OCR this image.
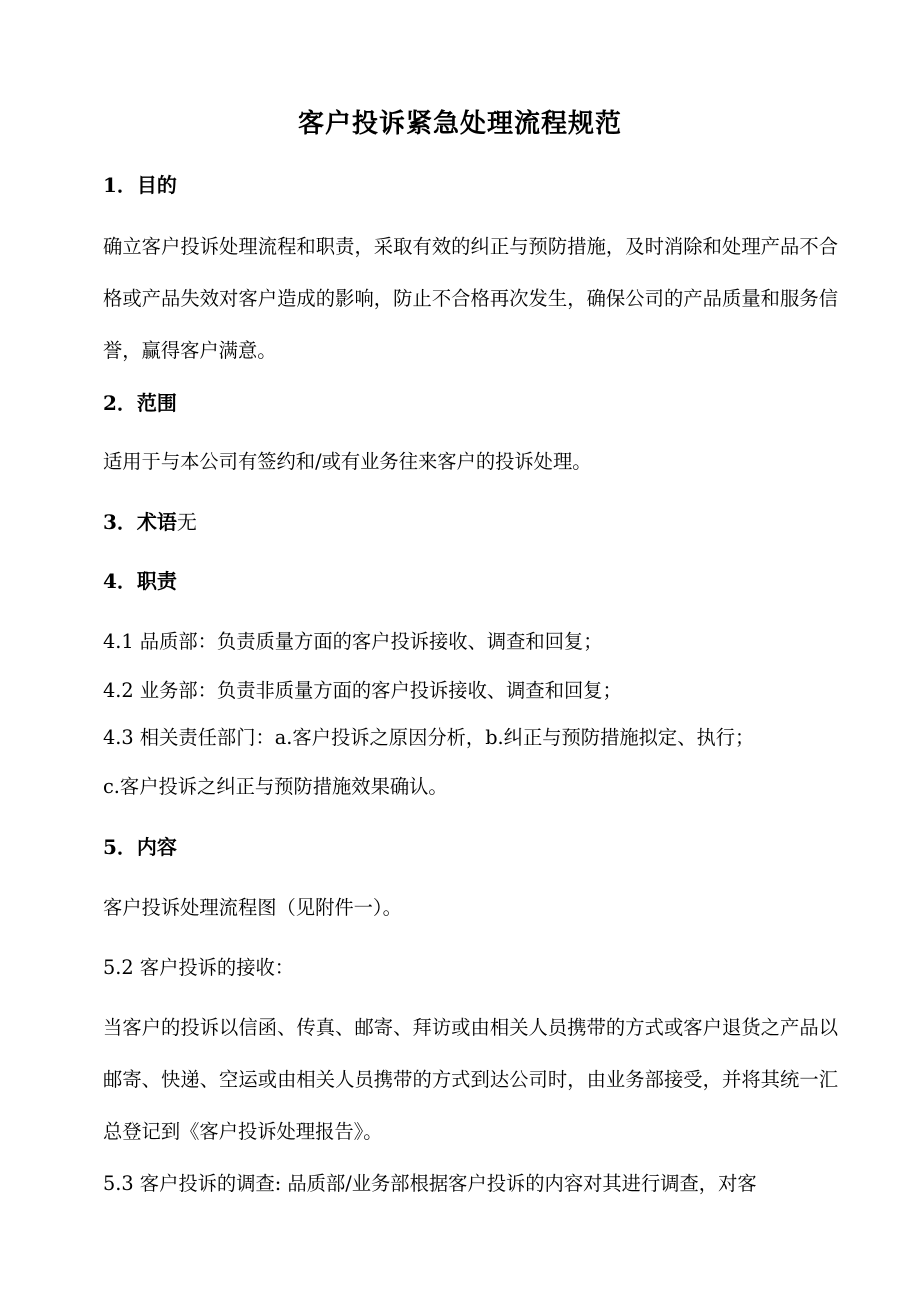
客户投诉紧急处理流程规范
1．目的
确立客户投诉处理流程和职责，采取有效的纠正与预防措施，及时消除和处理产品不合格或产品失效对客户造成的影响，防止不合格再次发生，确保公司的产品质量和服务信誉，赢得客户满意。
2．范围
适用于与本公司有签约和/或有业务往来客户的投诉处理。
3．术语无
4．职责
4.1 品质部：负责质量方面的客户投诉接收、调查和回复；
4.2 业务部：负责非质量方面的客户投诉接收、调查和回复；
4.3 相关责任部门：a.客户投诉之原因分析，b.纠正与预防措施拟定、执行；
c.客户投诉之纠正与预防措施效果确认。
5．内容
客户投诉处理流程图（见附件一）。
5.2 客户投诉的接收：
当客户的投诉以信函、传真、邮寄、拜访或由相关人员携带的方式或客户退货之产品以邮寄、快递、空运或由相关人员携带的方式到达公司时，由业务部接受，并将其统一汇总登记到《客户投诉处理报告》。
5.3 客户投诉的调查: 品质部/业务部根据客户投诉的内容对其进行调查，对客
